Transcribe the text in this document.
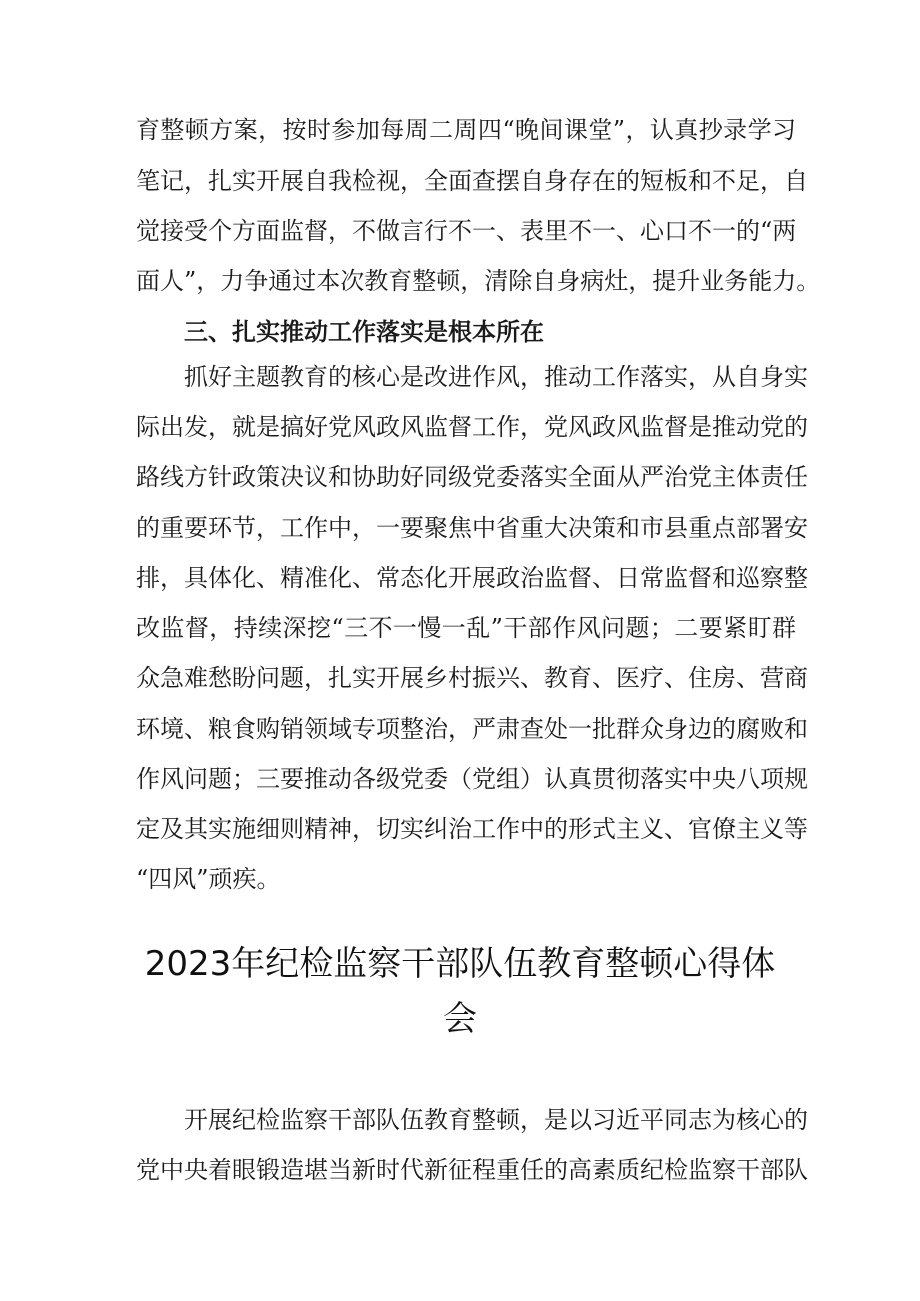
育整顿方案，按时参加每周二周四“晚间课堂”，认真抄录学习
笔记，扎实开展自我检视，全面查摆自身存在的短板和不足，自
觉接受个方面监督，不做言行不一、表里不一、心口不一的“两
面人”，力争通过本次教育整顿，清除自身病灶，提升业务能力。
三、扎实推动工作落实是根本所在
抓好主题教育的核心是改进作风，推动工作落实，从自身实
际出发，就是搞好党风政风监督工作，党风政风监督是推动党的
路线方针政策决议和协助好同级党委落实全面从严治党主体责任
的重要环节，工作中，一要聚焦中省重大决策和市县重点部署安
排，具体化、精准化、常态化开展政治监督、日常监督和巡察整
改监督，持续深挖“三不一慢一乱”干部作风问题；二要紧盯群
众急难愁盼问题，扎实开展乡村振兴、教育、医疗、住房、营商
环境、粮食购销领域专项整治，严肃查处一批群众身边的腐败和
作风问题；三要推动各级党委（党组）认真贯彻落实中央八项规
定及其实施细则精神，切实纠治工作中的形式主义、官僚主义等
“四风”顽疾。
2023年纪检监察干部队伍教育整顿心得体
会
开展纪检监察干部队伍教育整顿，是以习近平同志为核心的
党中央着眼锻造堪当新时代新征程重任的高素质纪检监察干部队
